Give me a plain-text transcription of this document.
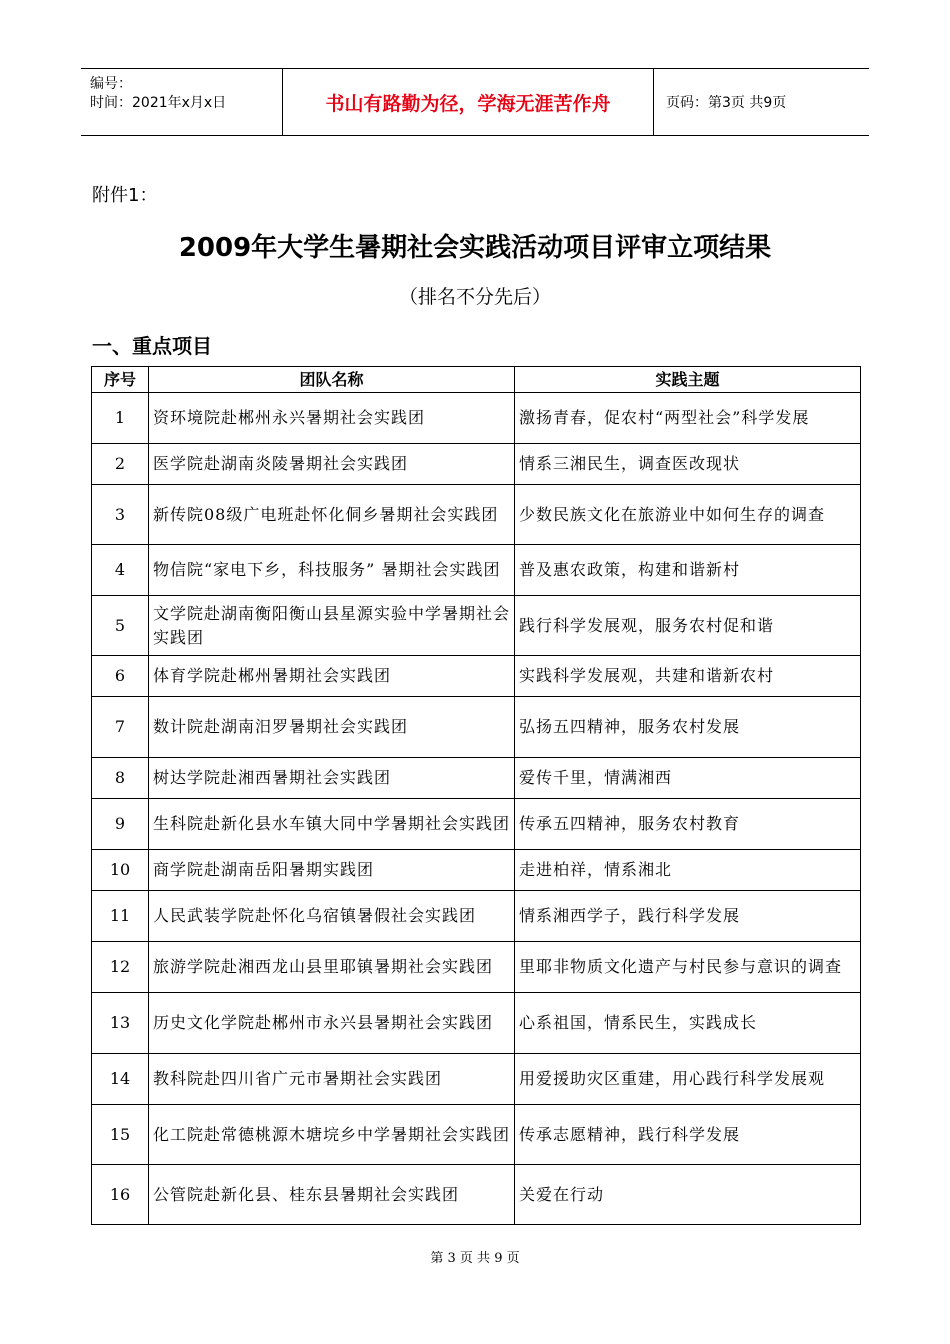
编号：
时间：2021年x月x日	书山有路勤为径，学海无涯苦作舟	页码：第3页 共9页
附件1：
2009年大学生暑期社会实践活动项目评审立项结果
（排名不分先后）
一、重点项目
序号	团队名称	实践主题
1	资环境院赴郴州永兴暑期社会实践团	激扬青春，促农村“两型社会”科学发展
2	医学院赴湖南炎陵暑期社会实践团	情系三湘民生，调查医改现状
3	新传院08级广电班赴怀化侗乡暑期社会实践团	少数民族文化在旅游业中如何生存的调查
4	物信院“家电下乡，科技服务” 暑期社会实践团	普及惠农政策，构建和谐新村
5	文学院赴湖南衡阳衡山县星源实验中学暑期社会实践团	践行科学发展观，服务农村促和谐
6	体育学院赴郴州暑期社会实践团	实践科学发展观，共建和谐新农村
7	数计院赴湖南汨罗暑期社会实践团	弘扬五四精神，服务农村发展
8	树达学院赴湘西暑期社会实践团	爱传千里，情满湘西
9	生科院赴新化县水车镇大同中学暑期社会实践团	传承五四精神，服务农村教育
10	商学院赴湖南岳阳暑期实践团	走进柏祥，情系湘北
11	人民武装学院赴怀化乌宿镇暑假社会实践团	情系湘西学子，践行科学发展
12	旅游学院赴湘西龙山县里耶镇暑期社会实践团	里耶非物质文化遗产与村民参与意识的调查
13	历史文化学院赴郴州市永兴县暑期社会实践团	心系祖国，情系民生，实践成长
14	教科院赴四川省广元市暑期社会实践团	用爱援助灾区重建，用心践行科学发展观
15	化工院赴常德桃源木塘垸乡中学暑期社会实践团	传承志愿精神，践行科学发展
16	公管院赴新化县、桂东县暑期社会实践团	关爱在行动
第 3 页 共 9 页
